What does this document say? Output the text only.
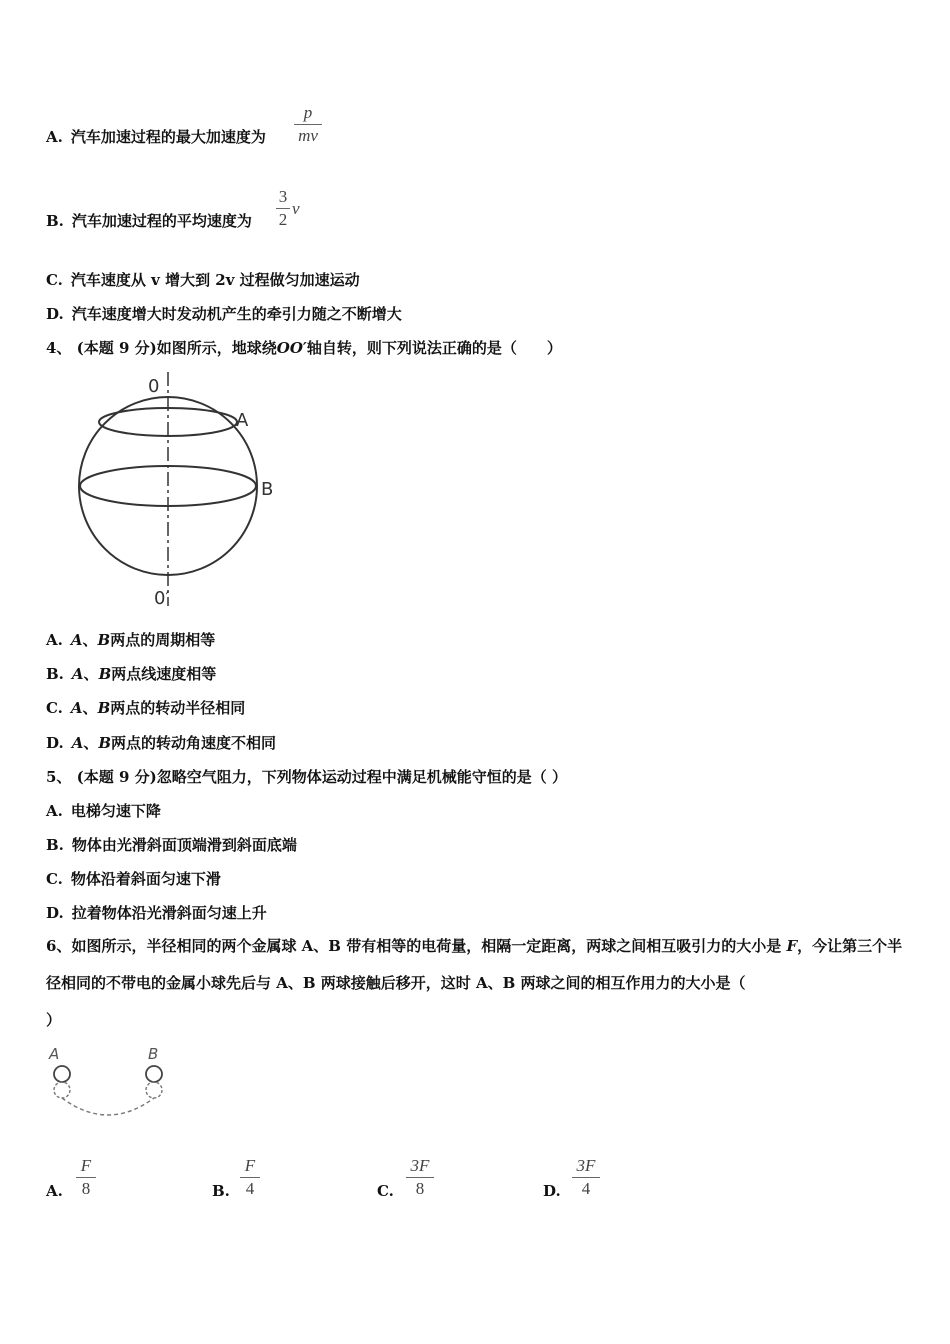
A. 汽车加速过程的最大加速度为
p
mv
B. 汽车加速过程的平均速度为
3
2
v
C. 汽车速度从 v 增大到 2v 过程做匀加速运动
D. 汽车速度增大时发动机产生的牵引力随之不断增大
4、 (本题 9 分)如图所示，地球绕OO′轴自转，则下列说法正确的是（　　）
0
0′
A
B
A. A、B两点的周期相等
B. A、B两点线速度相等
C. A、B两点的转动半径相同
D. A、B两点的转动角速度不相同
5、 (本题 9 分)忽略空气阻力，下列物体运动过程中满足机械能守恒的是（ ）
A. 电梯匀速下降
B. 物体由光滑斜面顶端滑到斜面底端
C. 物体沿着斜面匀速下滑
D. 拉着物体沿光滑斜面匀速上升
6、如图所示，半径相同的两个金属球 A、B 带有相等的电荷量，相隔一定距离，两球之间相互吸引力的大小是 F，今让第三个半径相同的不带电的金属小球先后与 A、B 两球接触后移开，这时 A、B 两球之间的相互作用力的大小是（
）
A	B
A.
F
8	B.
F
4	C.
3F
8	D.
3F
4
